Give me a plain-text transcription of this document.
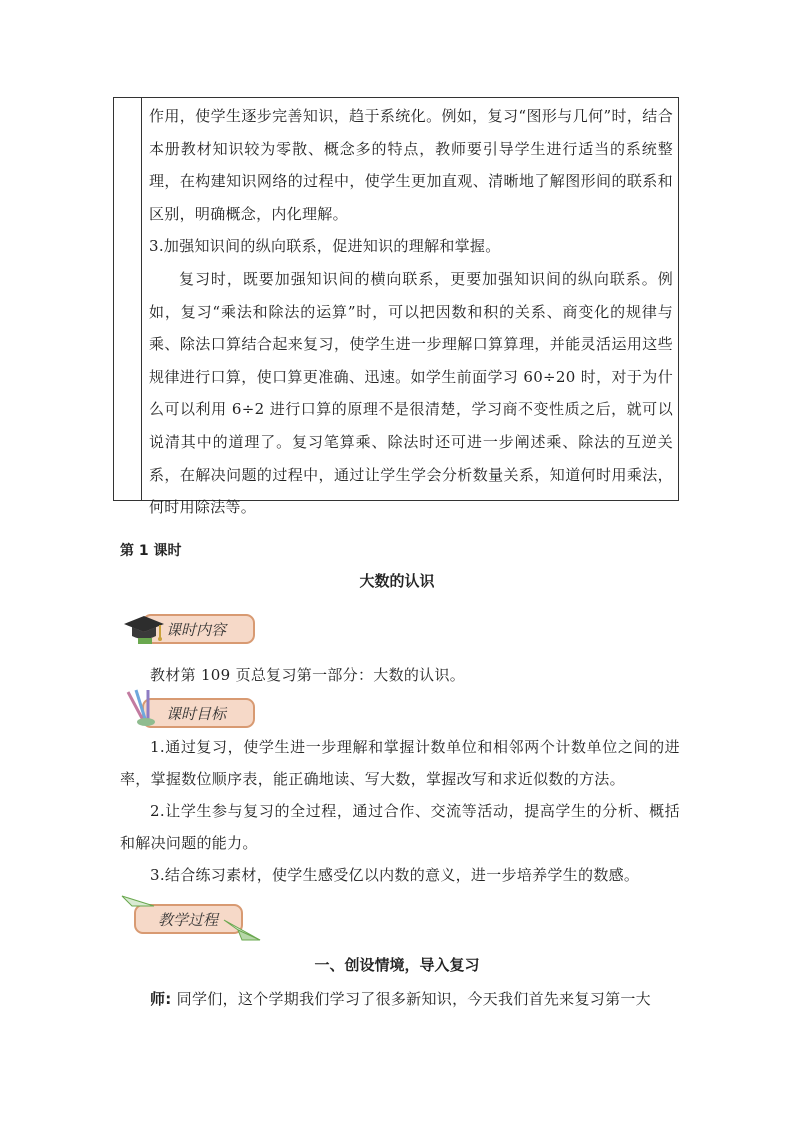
作用，使学生逐步完善知识，趋于系统化。例如，复习“图形与几何”时，结合本册教材知识较为零散、概念多的特点，教师要引导学生进行适当的系统整理，在构建知识网络的过程中，使学生更加直观、清晰地了解图形间的联系和区别，明确概念，内化理解。

3.加强知识间的纵向联系，促进知识的理解和掌握。

复习时，既要加强知识间的横向联系，更要加强知识间的纵向联系。例如，复习“乘法和除法的运算”时，可以把因数和积的关系、商变化的规律与乘、除法口算结合起来复习，使学生进一步理解口算算理，并能灵活运用这些规律进行口算，使口算更准确、迅速。如学生前面学习 60÷20 时，对于为什么可以利用 6÷2 进行口算的原理不是很清楚，学习商不变性质之后，就可以说清其中的道理了。复习笔算乘、除法时还可进一步阐述乘、除法的互逆关系，在解决问题的过程中，通过让学生学会分析数量关系，知道何时用乘法，何时用除法等。

第 1 课时
大数的认识
课时内容

教材第 109 页总复习第一部分：大数的认识。

课时目标

1.通过复习，使学生进一步理解和掌握计数单位和相邻两个计数单位之间的进率，掌握数位顺序表，能正确地读、写大数，掌握改写和求近似数的方法。

2.让学生参与复习的全过程，通过合作、交流等活动，提高学生的分析、概括和解决问题的能力。

3.结合练习素材，使学生感受亿以内数的意义，进一步培养学生的数感。

教学过程
一、创设情境，导入复习

师: 同学们，这个学期我们学习了很多新知识，今天我们首先来复习第一大
